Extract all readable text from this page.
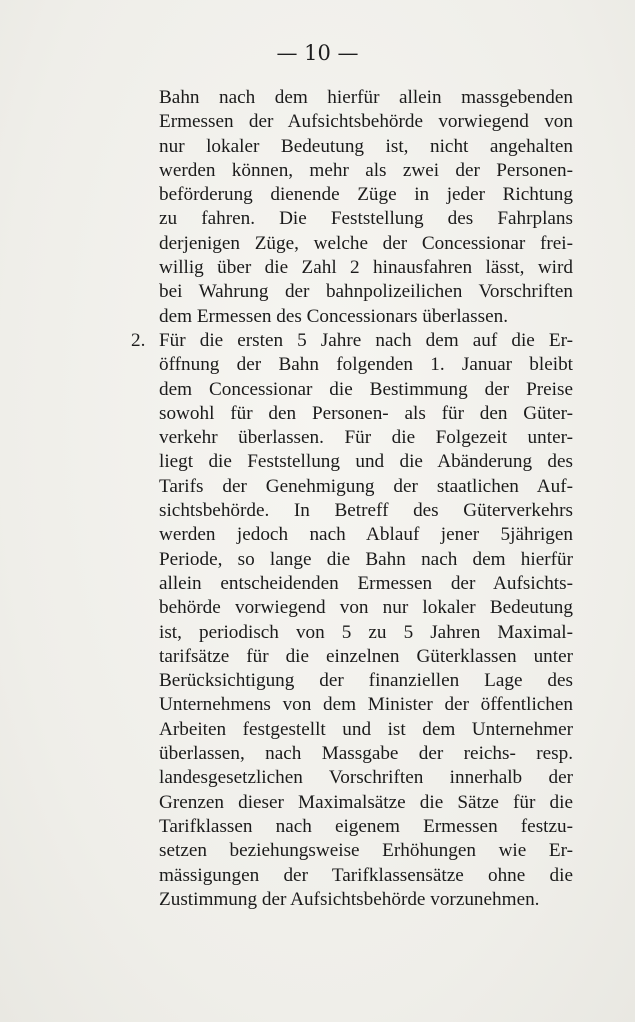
— 10 —
Bahn nach dem hierfür allein massgebenden
Ermessen der Aufsichtsbehörde vorwiegend von
nur lokaler Bedeutung ist, nicht angehalten
werden können, mehr als zwei der Personen-
beförderung dienende Züge in jeder Richtung
zu fahren. Die Feststellung des Fahrplans
derjenigen Züge, welche der Concessionar frei-
willig über die Zahl 2 hinausfahren lässt, wird
bei Wahrung der bahnpolizeilichen Vorschriften
dem Ermessen des Concessionars überlassen.
2. Für die ersten 5 Jahre nach dem auf die Er-
öffnung der Bahn folgenden 1. Januar bleibt
dem Concessionar die Bestimmung der Preise
sowohl für den Personen- als für den Güter-
verkehr überlassen. Für die Folgezeit unter-
liegt die Feststellung und die Abänderung des
Tarifs der Genehmigung der staatlichen Auf-
sichtsbehörde. In Betreff des Güterverkehrs
werden jedoch nach Ablauf jener 5jährigen
Periode, so lange die Bahn nach dem hierfür
allein entscheidenden Ermessen der Aufsichts-
behörde vorwiegend von nur lokaler Bedeutung
ist, periodisch von 5 zu 5 Jahren Maximal-
tarifsätze für die einzelnen Güterklassen unter
Berücksichtigung der finanziellen Lage des
Unternehmens von dem Minister der öffentlichen
Arbeiten festgestellt und ist dem Unternehmer
überlassen, nach Massgabe der reichs- resp.
landesgesetzlichen Vorschriften innerhalb der
Grenzen dieser Maximalsätze die Sätze für die
Tarifklassen nach eigenem Ermessen festzu-
setzen beziehungsweise Erhöhungen wie Er-
mässigungen der Tarifklassensätze ohne die
Zustimmung der Aufsichtsbehörde vorzunehmen.
